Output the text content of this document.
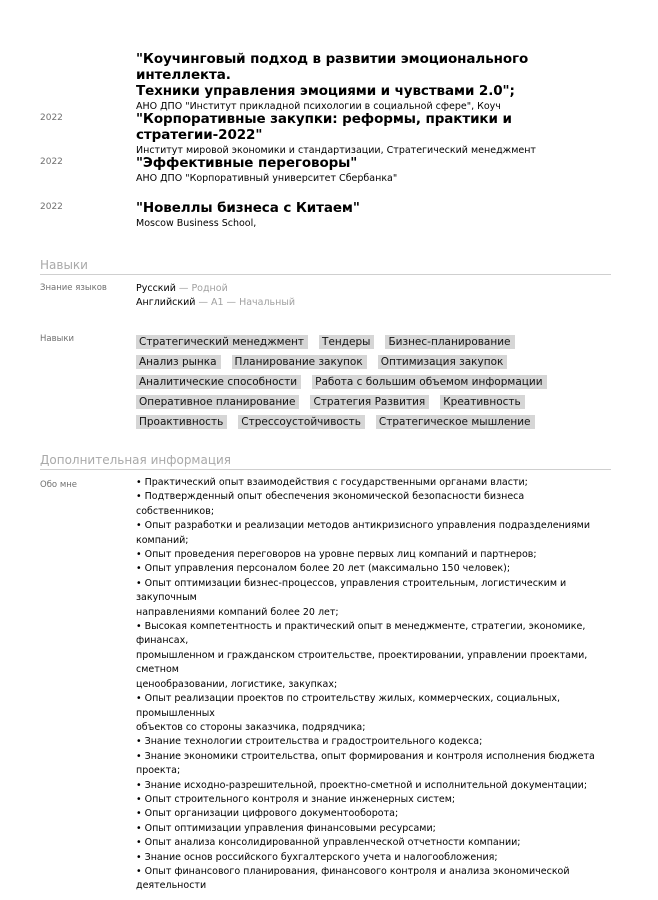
"Коучинговый подход в развитии эмоционального интеллекта.
Техники управления эмоциями и чувствами 2.0";
АНО ДПО "Институт прикладной психологии в социальной сфере", Коуч
2022	"Корпоративные закупки: реформы, практики и стратегии-2022"
Институт мировой экономики и стандартизации, Стратегический менеджмент
2022	"Эффективные переговоры"
АНО ДПО "Корпоративный университет Сбербанка"
2022	"Новеллы бизнеса с Китаем"
Moscow Business School,
Навыки
Знание языков	Русский — Родной
Английский — A1 — Начальный
Навыки	Стратегический менеджмент Тендеры Бизнес-планирование
Анализ рынка Планирование закупок Оптимизация закупок
Аналитические способности Работа с большим объемом информации
Оперативное планирование Стратегия Развития Креативность
Проактивность Стрессоустойчивость Стратегическое мышление
Дополнительная информация
Обо мне	• Практический опыт взаимодействия с государственными органами власти;
• Подтвержденный опыт обеспечения экономической безопасности бизнеса собственников;
• Опыт разработки и реализации методов антикризисного управления подразделениями
компаний;
• Опыт проведения переговоров на уровне первых лиц компаний и партнеров;
• Опыт управления персоналом более 20 лет (максимально 150 человек);
• Опыт оптимизации бизнес-процессов, управления строительным, логистическим и
закупочным
направлениями компаний более 20 лет;
• Высокая компетентность и практический опыт в менеджменте, стратегии, экономике,
финансах,
промышленном и гражданском строительстве, проектировании, управлении проектами,
сметном
ценообразовании, логистике, закупках;
• Опыт реализации проектов по строительству жилых, коммерческих, социальных,
промышленных
объектов со стороны заказчика, подрядчика;
• Знание технологии строительства и градостроительного кодекса;
• Знание экономики строительства, опыт формирования и контроля исполнения бюджета
проекта;
• Знание исходно-разрешительной, проектно-сметной и исполнительной документации;
• Опыт строительного контроля и знание инженерных систем;
• Опыт организации цифрового документооборота;
• Опыт оптимизации управления финансовыми ресурсами;
• Опыт анализа консолидированной управленческой отчетности компании;
• Знание основ российского бухгалтерского учета и налогообложения;
• Опыт финансового планирования, финансового контроля и анализа экономической
деятельности
